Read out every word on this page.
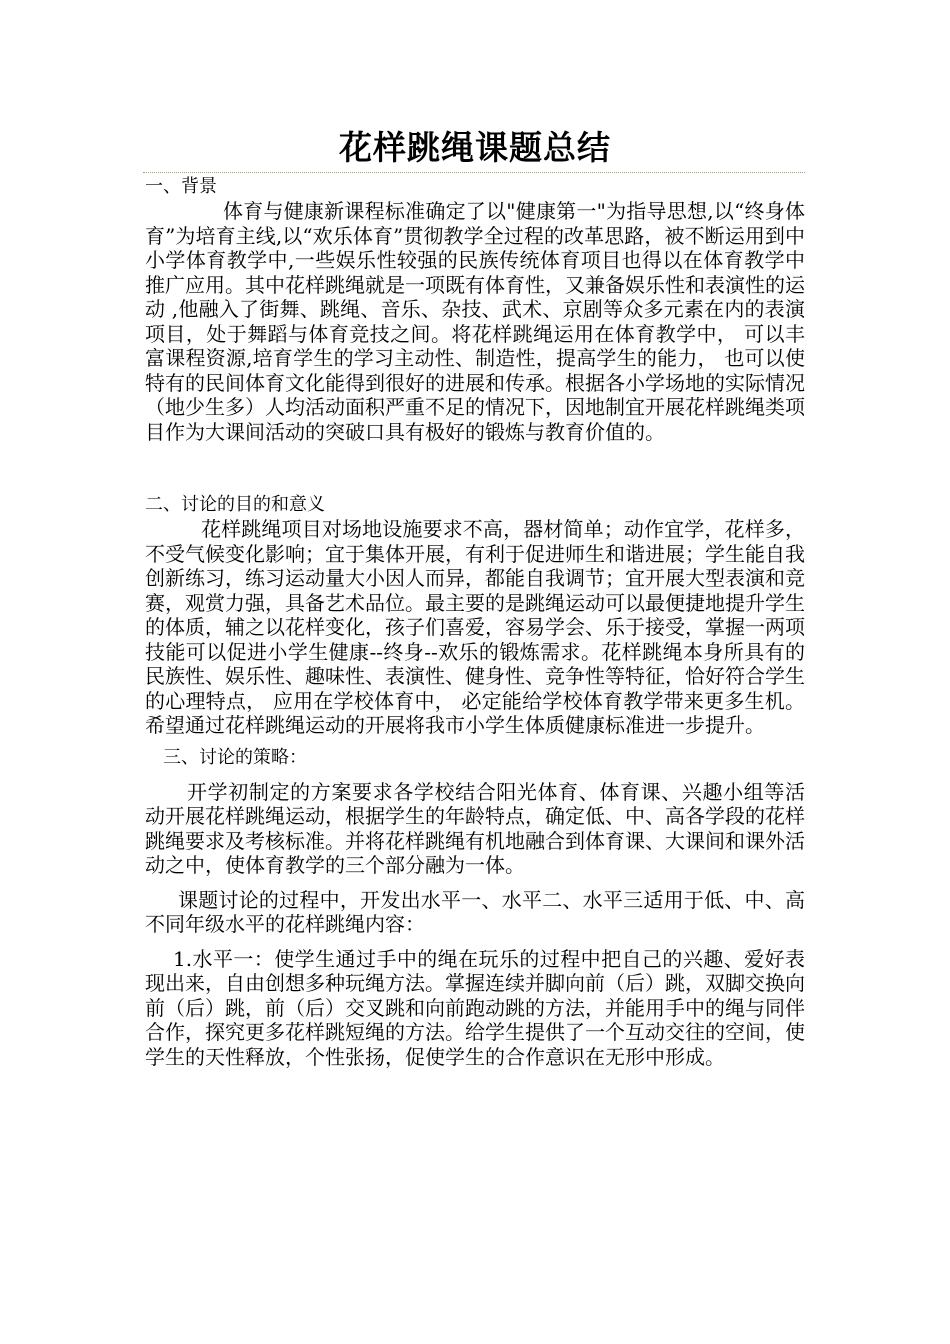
花样跳绳课题总结

一、背景

体育与健康新课程标准确定了以"健康第一"为指导思想,以“终身体育”为培育主线,以“欢乐体育”贯彻教学全过程的改革思路，被不断运用到中小学体育教学中,一些娱乐性较强的民族传统体育项目也得以在体育教学中推广应用。其中花样跳绳就是一项既有体育性，又兼备娱乐性和表演性的运动 ,他融入了街舞、跳绳、音乐、杂技、武术、京剧等众多元素在内的表演项目，处于舞蹈与体育竞技之间。将花样跳绳运用在体育教学中， 可以丰富课程资源,培育学生的学习主动性、制造性，提高学生的能力， 也可以使特有的民间体育文化能得到很好的进展和传承。根据各小学场地的实际情况（地少生多）人均活动面积严重不足的情况下，因地制宜开展花样跳绳类项目作为大课间活动的突破口具有极好的锻炼与教育价值的。

二、讨论的目的和意义

花样跳绳项目对场地设施要求不高，器材简单；动作宜学，花样多，不受气候变化影响；宜于集体开展，有利于促进师生和谐进展；学生能自我创新练习，练习运动量大小因人而异，都能自我调节；宜开展大型表演和竞赛，观赏力强，具备艺术品位。最主要的是跳绳运动可以最便捷地提升学生的体质，辅之以花样变化，孩子们喜爱，容易学会、乐于接受，掌握一两项技能可以促进小学生健康--终身--欢乐的锻炼需求。花样跳绳本身所具有的民族性、娱乐性、趣味性、表演性、健身性、竞争性等特征，恰好符合学生的心理特点， 应用在学校体育中， 必定能给学校体育教学带来更多生机。希望通过花样跳绳运动的开展将我市小学生体质健康标准进一步提升。

三、讨论的策略：

开学初制定的方案要求各学校结合阳光体育、体育课、兴趣小组等活动开展花样跳绳运动，根据学生的年龄特点，确定低、中、高各学段的花样跳绳要求及考核标准。并将花样跳绳有机地融合到体育课、大课间和课外活动之中，使体育教学的三个部分融为一体。

课题讨论的过程中，开发出水平一、水平二、水平三适用于低、中、高不同年级水平的花样跳绳内容：

1.水平一：使学生通过手中的绳在玩乐的过程中把自己的兴趣、爱好表现出来，自由创想多种玩绳方法。掌握连续并脚向前（后）跳，双脚交换向前（后）跳，前（后）交叉跳和向前跑动跳的方法，并能用手中的绳与同伴合作，探究更多花样跳短绳的方法。给学生提供了一个互动交往的空间，使学生的天性释放，个性张扬，促使学生的合作意识在无形中形成。
